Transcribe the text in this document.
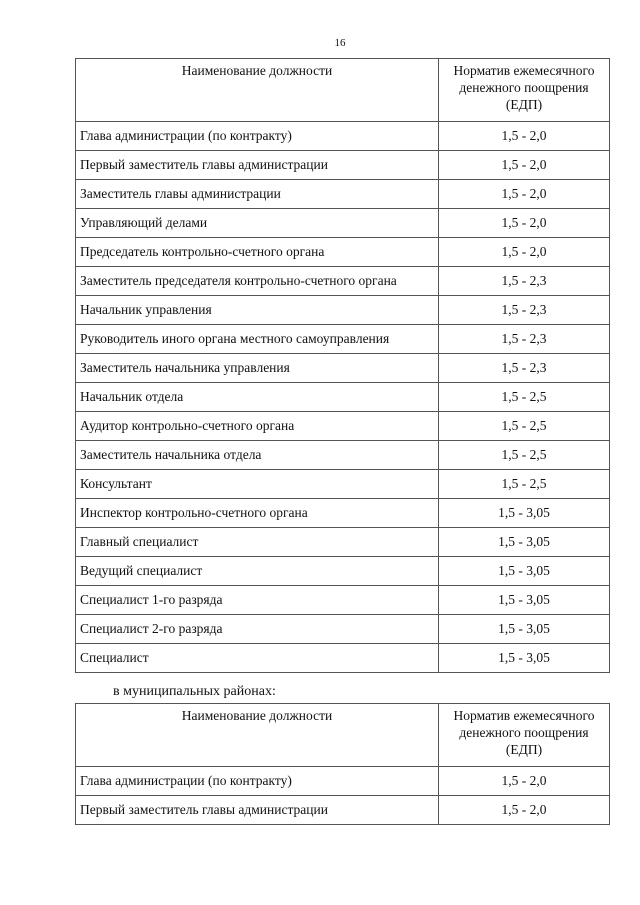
16
Наименование должности	Норматив ежемесячного денежного поощрения (ЕДП)
Глава администрации (по контракту)	1,5 - 2,0
Первый заместитель главы администрации	1,5 - 2,0
Заместитель главы администрации	1,5 - 2,0
Управляющий делами	1,5 - 2,0
Председатель контрольно-счетного органа	1,5 - 2,0
Заместитель председателя контрольно-счетного органа	1,5 - 2,3
Начальник управления	1,5 - 2,3
Руководитель иного органа местного самоуправления	1,5 - 2,3
Заместитель начальника управления	1,5 - 2,3
Начальник отдела	1,5 - 2,5
Аудитор контрольно-счетного органа	1,5 - 2,5
Заместитель начальника отдела	1,5 - 2,5
Консультант	1,5 - 2,5
Инспектор контрольно-счетного органа	1,5 - 3,05
Главный специалист	1,5 - 3,05
Ведущий специалист	1,5 - 3,05
Специалист 1-го разряда	1,5 - 3,05
Специалист 2-го разряда	1,5 - 3,05
Специалист	1,5 - 3,05
в муниципальных районах:
Наименование должности	Норматив ежемесячного денежного поощрения (ЕДП)
Глава администрации (по контракту)	1,5 - 2,0
Первый заместитель главы администрации	1,5 - 2,0
